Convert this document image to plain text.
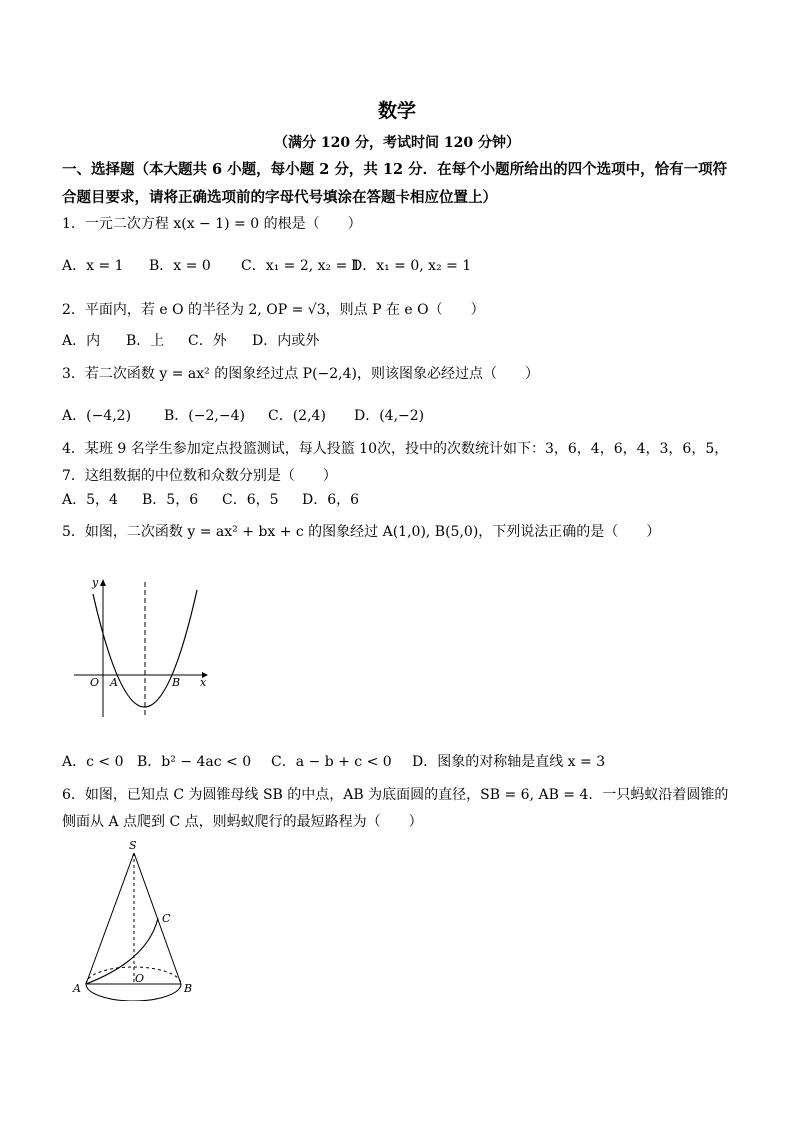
数学
（满分 120 分，考试时间 120 分钟）
一、选择题（本大题共 6 小题，每小题 2 分，共 12 分．在每个小题所给出的四个选项中，恰有一项符合题目要求，请将正确选项前的字母代号填涂在答题卡相应位置上）
1．一元二次方程 x(x − 1) = 0 的根是（　　）
A．x = 1 B．x = 0 C．x₁ = 2, x₂ = 1D．x₁ = 0, x₂ = 1
2．平面内，若 e O 的半径为 2, OP = √3，则点 P 在 e O（　　）
A．内 B．上 C．外 D．内或外
3．若二次函数 y = ax² 的图象经过点 P(−2,4)，则该图象必经过点（　　）
A．(−4,2) B．(−2,−4) C．(2,4) D．(4,−2)
4．某班 9 名学生参加定点投篮测试，每人投篮 10次，投中的次数统计如下：3，6，4，6，4，3，6，5，7．这组数据的中位数和众数分别是（　　）
A．5，4 B．5，6 C．6，5 D．6，6
5．如图，二次函数 y = ax² + bx + c 的图象经过 A(1,0), B(5,0)，下列说法正确的是（　　）
y
x
O A	B
A．c < 0 B．b² − 4ac < 0 C．a − b + c < 0 D．图象的对称轴是直线 x = 3
6．如图，已知点 C 为圆锥母线 SB 的中点，AB 为底面圆的直径，SB = 6, AB = 4．一只蚂蚁沿着圆锥的侧面从 A 点爬到 C 点，则蚂蚁爬行的最短路程为（　　）
S
C
A
O
B
